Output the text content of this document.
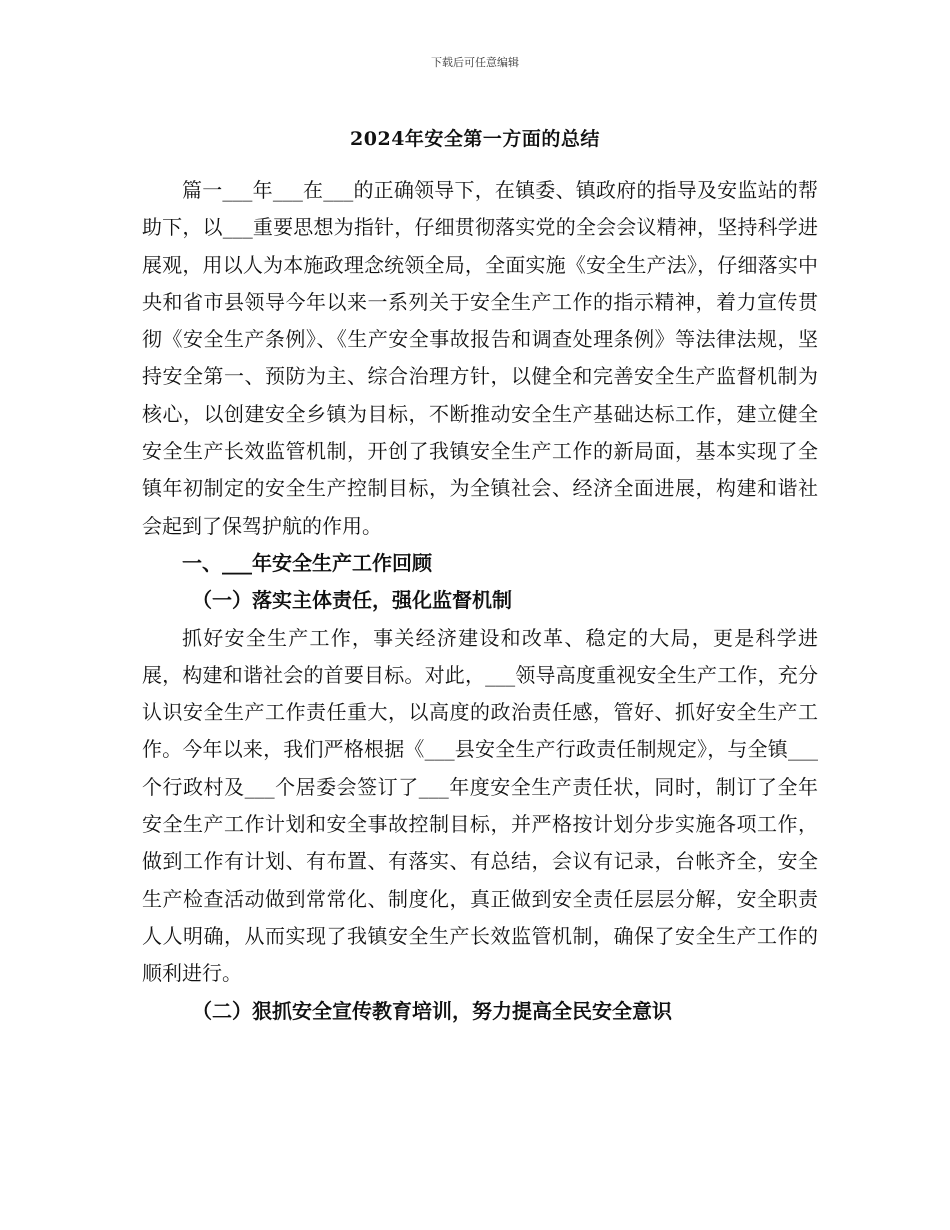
下载后可任意编辑
2024年安全第一方面的总结

篇一___年___在___的正确领导下，在镇委、镇政府的指导及安监站的帮助下，以___重要思想为指针，仔细贯彻落实党的全会会议精神，坚持科学进展观，用以人为本施政理念统领全局，全面实施《安全生产法》，仔细落实中央和省市县领导今年以来一系列关于安全生产工作的指示精神，着力宣传贯彻《安全生产条例》、《生产安全事故报告和调查处理条例》等法律法规，坚持安全第一、预防为主、综合治理方针，以健全和完善安全生产监督机制为核心，以创建安全乡镇为目标，不断推动安全生产基础达标工作，建立健全安全生产长效监管机制，开创了我镇安全生产工作的新局面，基本实现了全镇年初制定的安全生产控制目标，为全镇社会、经济全面进展，构建和谐社会起到了保驾护航的作用。

一、___年安全生产工作回顾

（一）落实主体责任，强化监督机制

抓好安全生产工作，事关经济建设和改革、稳定的大局，更是科学进展，构建和谐社会的首要目标。对此，___领导高度重视安全生产工作，充分认识安全生产工作责任重大，以高度的政治责任感，管好、抓好安全生产工作。今年以来，我们严格根据《___县安全生产行政责任制规定》，与全镇___个行政村及___个居委会签订了___年度安全生产责任状，同时，制订了全年安全生产工作计划和安全事故控制目标，并严格按计划分步实施各项工作，做到工作有计划、有布置、有落实、有总结，会议有记录，台帐齐全，安全生产检查活动做到常常化、制度化，真正做到安全责任层层分解，安全职责人人明确，从而实现了我镇安全生产长效监管机制，确保了安全生产工作的顺利进行。

（二）狠抓安全宣传教育培训，努力提高全民安全意识
